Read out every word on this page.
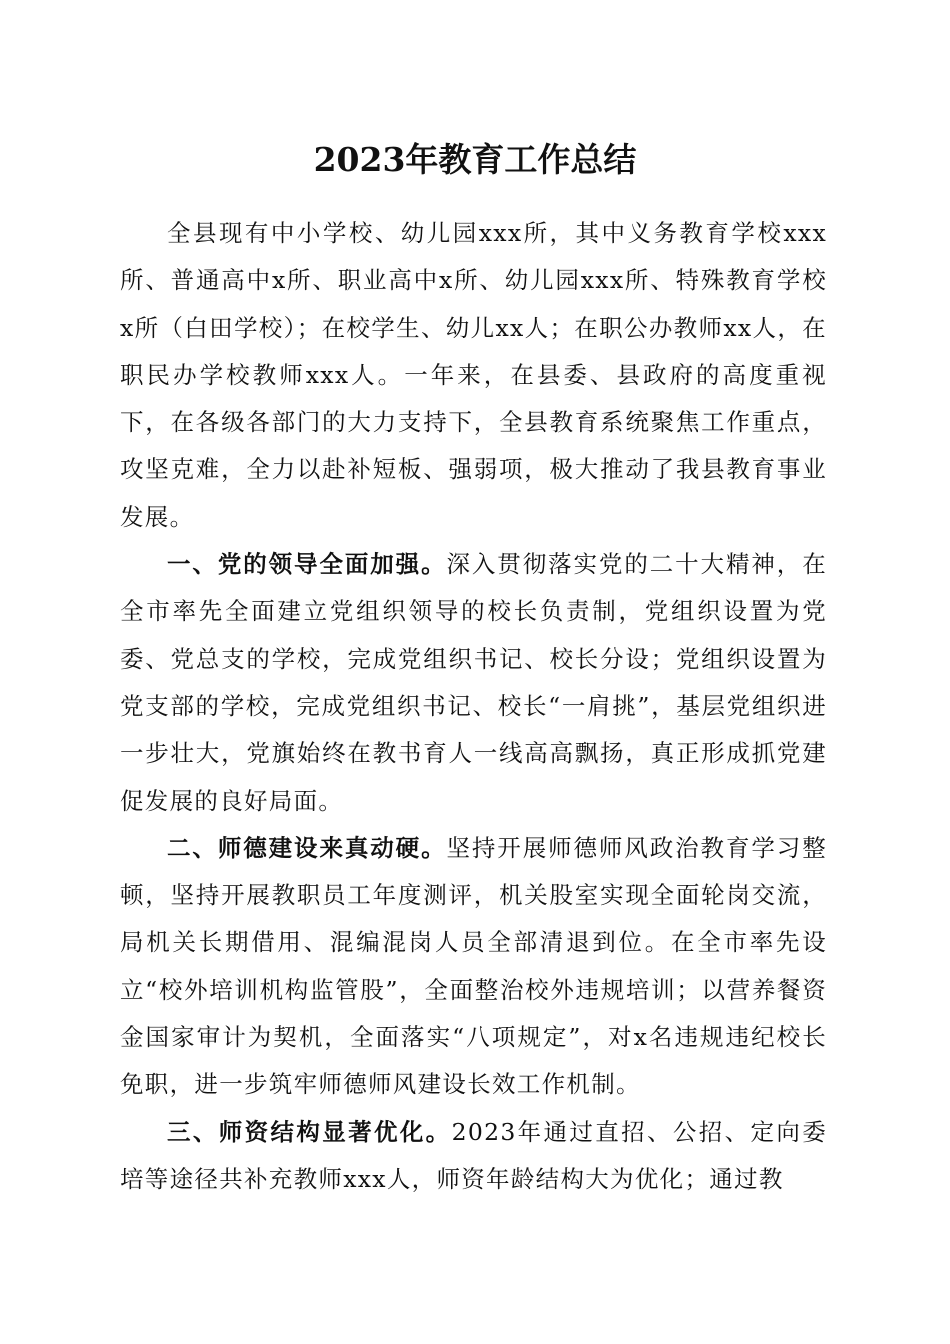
2023年教育工作总结

全县现有中小学校、幼儿园xxx所，其中义务教育学校xxx所、普通高中x所、职业高中x所、幼儿园xxx所、特殊教育学校x所（白田学校）；在校学生、幼儿xx人；在职公办教师xx人，在职民办学校教师xxx人。一年来，在县委、县政府的高度重视下，在各级各部门的大力支持下，全县教育系统聚焦工作重点，攻坚克难，全力以赴补短板、强弱项，极大推动了我县教育事业发展。

一、党的领导全面加强。深入贯彻落实党的二十大精神，在全市率先全面建立党组织领导的校长负责制，党组织设置为党委、党总支的学校，完成党组织书记、校长分设；党组织设置为党支部的学校，完成党组织书记、校长“一肩挑”，基层党组织进一步壮大，党旗始终在教书育人一线高高飘扬，真正形成抓党建促发展的良好局面。

二、师德建设来真动硬。坚持开展师德师风政治教育学习整顿，坚持开展教职员工年度测评，机关股室实现全面轮岗交流，局机关长期借用、混编混岗人员全部清退到位。在全市率先设立“校外培训机构监管股”，全面整治校外违规培训；以营养餐资金国家审计为契机，全面落实“八项规定”，对x名违规违纪校长免职，进一步筑牢师德师风建设长效工作机制。

三、师资结构显著优化。2023年通过直招、公招、定向委培等途径共补充教师xxx人，师资年龄结构大为优化；通过教
